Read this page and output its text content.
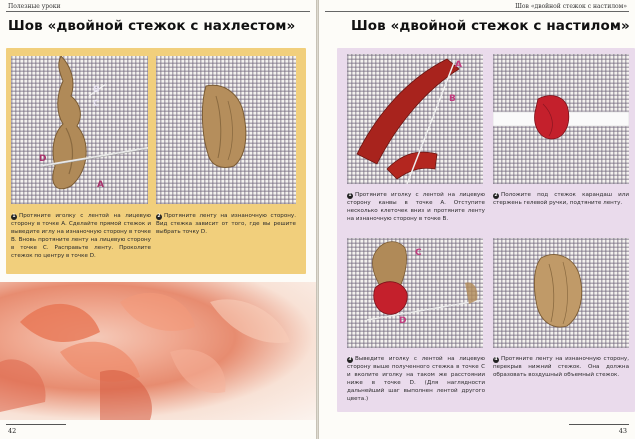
Полезные уроки
Шов «двойной стежок с нахлестом»
B
C
D
A
1 Протяните иголку с лентой на лицевую сторону в точке A. Сделайте прямой стежок и выведите иглу на изнаночную сторону в точке B. Вновь протяните ленту на лицевую сторону в точке C. Расправьте ленту. Проколите стежок по центру в точке D.
2 Протяните ленту на изнаночную сторону. Вид стежка зависит от того, где вы решите выбрать точку D.
42
Шов «двойной стежок с настилом»
Шов «двойной стежок с настилом»
A
B
1 Протяните иголку с лентой на лицевую сторону канвы в точке A. Отступите несколько клеточек вниз и протяните ленту на изнаночную сторону в точке B.
2 Положите под стежок карандаш или стержень гелевой ручки, подтяните ленту.
C
D
3 Выведите иголку с лентой на лицевую сторону выше полученного стежка в точке C и вколите иголку на таком же расстоянии ниже в точке D. (Для наглядности дальнейший шаг выполнен лентой другого цвета.)
4 Протяните ленту на изнаночную сторону, перекрыв нижний стежок. Она должна образовать воздушный объемный стежок.
43
